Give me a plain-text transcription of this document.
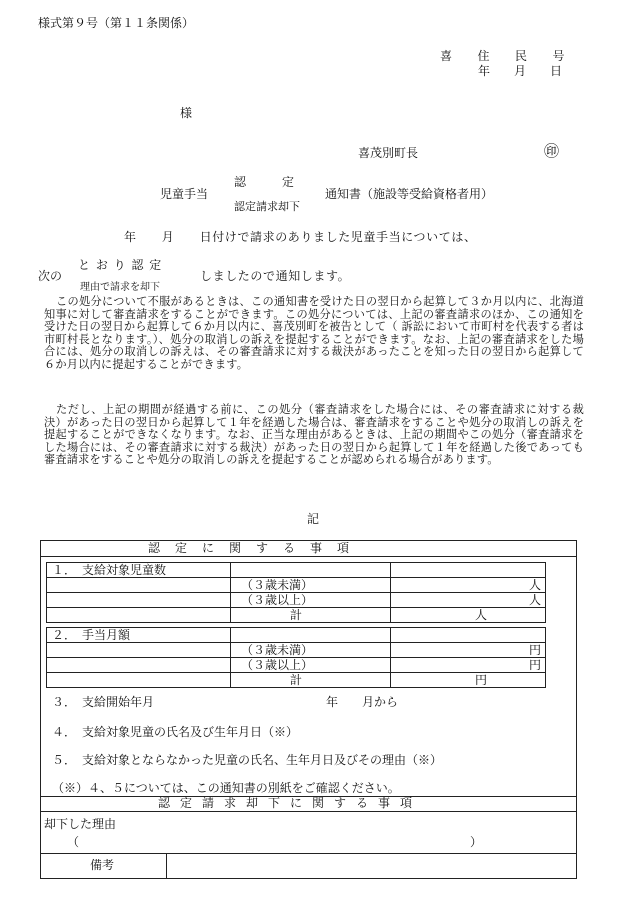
様式第９号（第１１条関係）
喜　　住　　民　　号
年　　月　　日
様
喜茂別町長	㊞
認　　　定
児童手当	通知書（施設等受給資格者用）
認定請求却下
年　　月　　日付けで請求のありました児童手当については、
と お り 認 定
次の	しましたので通知します。
理由で請求を却下
この処分について不服があるときは、この通知書を受けた日の翌日から起算して３か月以内に、北海道知事に対して審査請求をすることができます。この処分については、上記の審査請求のほか、この通知を受けた日の翌日から起算して６か月以内に、喜茂別町を被告として（ 訴訟において市町村を代表する者は市町村長となります。）、処分の取消しの訴えを提起することができます。なお、上記の審査請求をした場合には、処分の取消しの訴えは、その審査請求に対する裁決があったことを知った日の翌日から起算して６か月以内に提起することができます。
ただし、上記の期間が経過する前に、この処分（審査請求をした場合には、その審査請求に対する裁決）があった日の翌日から起算して１年を経過した場合は、審査請求をすることや処分の取消しの訴えを提起することができなくなります。なお、正当な理由があるときは、上記の期間やこの処分（審査請求をした場合には、その審査請求に対する裁決）があった日の翌日から起算して１年を経過した後であっても審査請求をすることや処分の取消しの訴えを提起することが認められる場合があります。
記
認定に関する事項
１．　支給対象児童数
（３歳未満）	人
（３歳以上）	人
計	人
２．　手当月額
（３歳未満）	円
（３歳以上）	円
計	円
３．　支給開始年月	年　　月から
４．　支給対象児童の氏名及び生年月日（※）
５．　支給対象とならなかった児童の氏名、生年月日及びその理由（※）
（※）４、５については、この通知書の別紙をご確認ください。
認定請求却下に関する事項
却下した理由
（	）
備考
